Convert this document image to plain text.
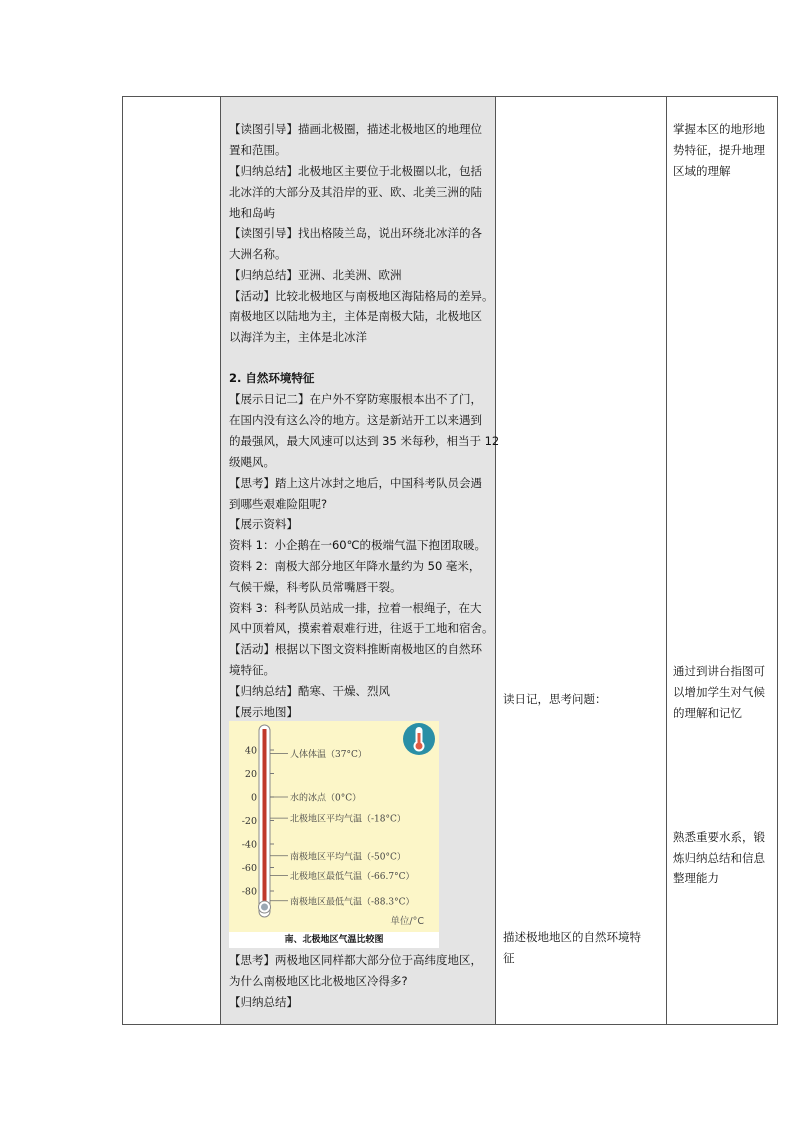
【读图引导】描画北极圈，描述北极地区的地理位
置和范围。
【归纳总结】北极地区主要位于北极圈以北，包括
北冰洋的大部分及其沿岸的亚、欧、北美三洲的陆
地和岛屿
【读图引导】找出格陵兰岛，说出环绕北冰洋的各
大洲名称。
【归纳总结】亚洲、北美洲、欧洲
【活动】比较北极地区与南极地区海陆格局的差异。
南极地区以陆地为主，主体是南极大陆，北极地区
以海洋为主，主体是北冰洋
2. 自然环境特征
【展示日记二】在户外不穿防寒服根本出不了门，
在国内没有这么冷的地方。这是新站开工以来遇到
的最强风，最大风速可以达到 35 米每秒，相当于 12
级飓风。
【思考】踏上这片冰封之地后，中国科考队员会遇
到哪些艰难险阻呢?
【展示资料】
资料 1：小企鹅在一60℃的极端气温下抱团取暖。
资料 2：南极大部分地区年降水量约为 50 毫米，
气候干燥，科考队员常嘴唇干裂。
资料 3：科考队员站成一排，拉着一根绳子，在大
风中顶着风，摸索着艰难行进，往返于工地和宿舍。
【活动】根据以下图文资料推断南极地区的自然环
境特征。
【归纳总结】酷寒、干燥、烈风
【展示地图】
40
20
0
-20
-40
-60
-80
人体体温（37°C）
水的冰点（0°C）
北极地区平均气温（-18°C）
南极地区平均气温（-50°C）
北极地区最低气温（-66.7°C）
南极地区最低气温（-88.3°C）
单位/°C
南、北极地区气温比较图
【思考】两极地区同样都大部分位于高纬度地区，
为什么南极地区比北极地区冷得多?
【归纳总结】
读日记，思考问题：
描述极地地区的自然环境特
征
掌握本区的地形地
势特征，提升地理
区域的理解
通过到讲台指图可
以增加学生对气候
的理解和记忆
熟悉重要水系，锻
炼归纳总结和信息
整理能力
